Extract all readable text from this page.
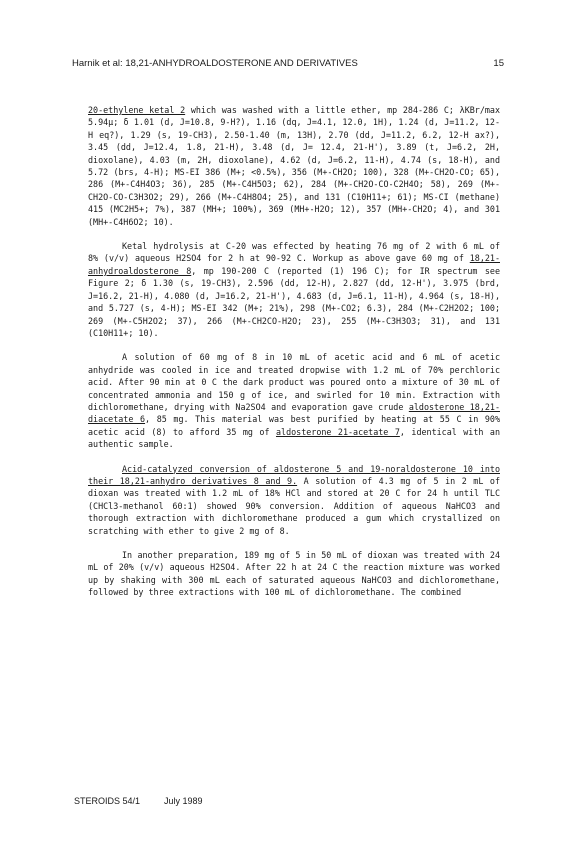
Harnik et al: 18,21-ANHYDROALDOSTERONE AND DERIVATIVES	15

20-ethylene ketal 2 which was washed with a little ether, mp 284-286 C; λKBr/max 5.94μ; δ 1.01 (d, J=10.8, 9-H?), 1.16 (dq, J=4.1, 12.0, 1H), 1.24 (d, J=11.2, 12-H eq?), 1.29 (s, 19-CH3), 2.50-1.40 (m, 13H), 2.70 (dd, J=11.2, 6.2, 12-H ax?), 3.45 (dd, J=12.4, 1.8, 21-H), 3.48 (d, J= 12.4, 21-H'), 3.89 (t, J=6.2, 2H, dioxolane), 4.03 (m, 2H, dioxolane), 4.62 (d, J=6.2, 11-H), 4.74 (s, 18-H), and 5.72 (brs, 4-H); MS-EI 386 (M+; <0.5%), 356 (M+-CH2O; 100), 328 (M+-CH2O-CO; 65), 286 (M+-C4H4O3; 36), 285 (M+-C4H5O3; 62), 284 (M+-CH2O-CO-C2H4O; 58), 269 (M+-CH2O-CO-C3H3O2; 29), 266 (M+-C4H8O4; 25), and 131 (C10H11+; 61); MS-CI (methane) 415 (MC2H5+; 7%), 387 (MH+; 100%), 369 (MH+-H2O; 12), 357 (MH+-CH2O; 4), and 301 (MH+-C4H6O2; 10).

Ketal hydrolysis at C-20 was effected by heating 76 mg of 2 with 6 mL of 8% (v/v) aqueous H2SO4 for 2 h at 90-92 C. Workup as above gave 60 mg of 18,21-anhydroaldosterone 8, mp 190-200 C (reported (1) 196 C); for IR spectrum see Figure 2; δ 1.30 (s, 19-CH3), 2.596 (dd, 12-H), 2.827 (dd, 12-H'), 3.975 (brd, J=16.2, 21-H), 4.080 (d, J=16.2, 21-H'), 4.683 (d, J=6.1, 11-H), 4.964 (s, 18-H), and 5.727 (s, 4-H); MS-EI 342 (M+; 21%), 298 (M+-CO2; 6.3), 284 (M+-C2H2O2; 100; 269 (M+-C5H2O2; 37), 266 (M+-CH2CO-H2O; 23), 255 (M+-C3H3O3; 31), and 131 (C10H11+; 10).

A solution of 60 mg of 8 in 10 mL of acetic acid and 6 mL of acetic anhydride was cooled in ice and treated dropwise with 1.2 mL of 70% perchloric acid. After 90 min at 0 C the dark product was poured onto a mixture of 30 mL of concentrated ammonia and 150 g of ice, and swirled for 10 min. Extraction with dichloromethane, drying with Na2SO4 and evaporation gave crude aldosterone 18,21-diacetate 6, 85 mg. This material was best purified by heating at 55 C in 90% acetic acid (8) to afford 35 mg of aldosterone 21-acetate 7, identical with an authentic sample.

Acid-catalyzed conversion of aldosterone 5 and 19-noraldosterone 10 into their 18,21-anhydro derivatives 8 and 9. A solution of 4.3 mg of 5 in 2 mL of dioxan was treated with 1.2 mL of 18% HCl and stored at 20 C for 24 h until TLC (CHCl3-methanol 60:1) showed 90% conversion. Addition of aqueous NaHCO3 and thorough extraction with dichloromethane produced a gum which crystallized on scratching with ether to give 2 mg of 8.

In another preparation, 189 mg of 5 in 50 mL of dioxan was treated with 24 mL of 20% (v/v) aqueous H2SO4. After 22 h at 24 C the reaction mixture was worked up by shaking with 300 mL each of saturated aqueous NaHCO3 and dichloromethane, followed by three extractions with 100 mL of dichloromethane. The combined

STEROIDS 54/1	July 1989
